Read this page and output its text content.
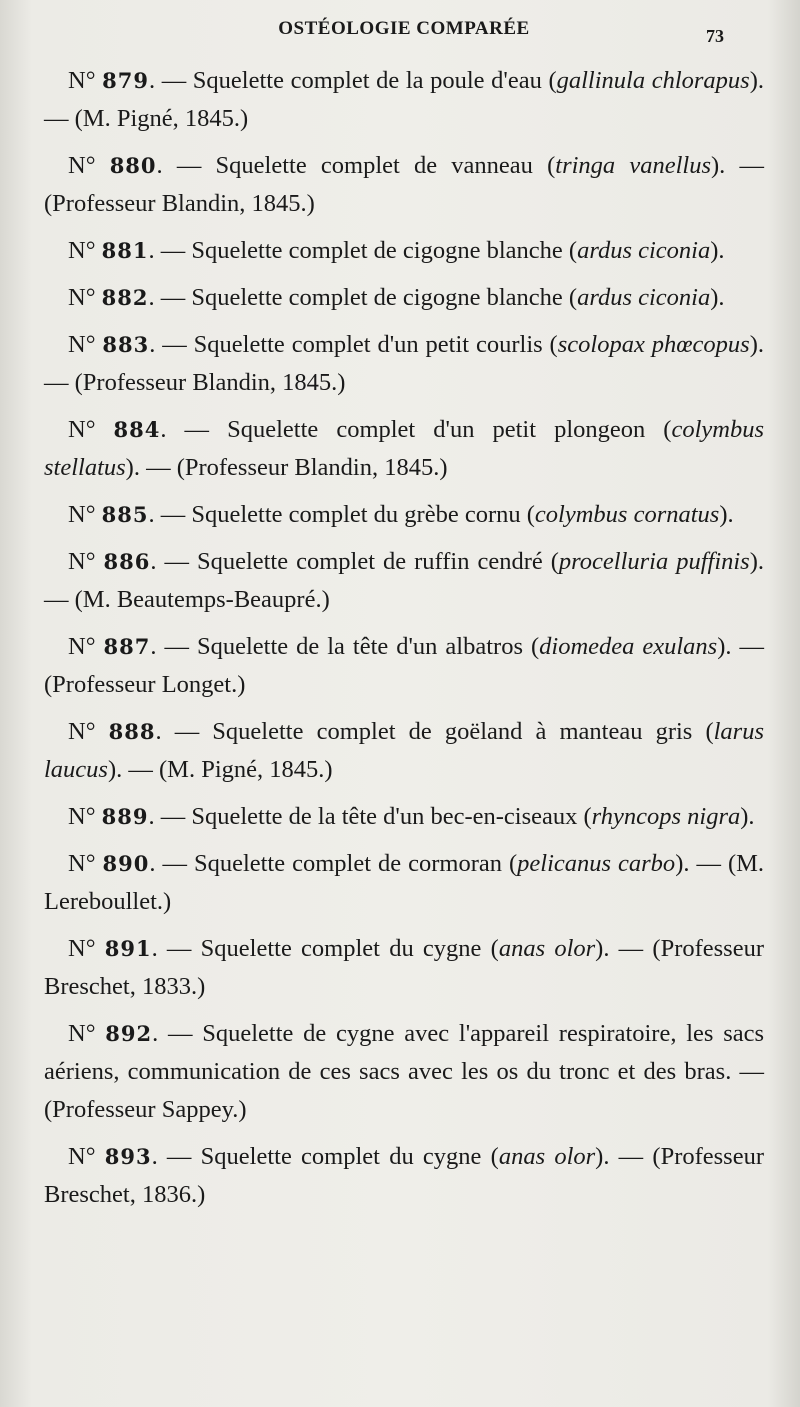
OSTÉOLOGIE COMPARÉE	73
N° 879. — Squelette complet de la poule d'eau (gallinula chlorapus). — (M. Pigné, 1845.)
N° 880. — Squelette complet de vanneau (tringa vanellus). — (Professeur Blandin, 1845.)
N° 881. — Squelette complet de cigogne blanche (ardus ciconia).
N° 882. — Squelette complet de cigogne blanche (ardus ciconia).
N° 883. — Squelette complet d'un petit courlis (scolopax phœcopus). — (Professeur Blandin, 1845.)
N° 884. — Squelette complet d'un petit plongeon (colymbus stellatus). — (Professeur Blandin, 1845.)
N° 885. — Squelette complet du grèbe cornu (colymbus cornatus).
N° 886. — Squelette complet de ruffin cendré (procelluria puffinis). — (M. Beautemps-Beaupré.)
N° 887. — Squelette de la tête d'un albatros (diomedea exulans). — (Professeur Longet.)
N° 888. — Squelette complet de goëland à manteau gris (larus laucus). — (M. Pigné, 1845.)
N° 889. — Squelette de la tête d'un bec-en-ciseaux (rhyncops nigra).
N° 890. — Squelette complet de cormoran (pelicanus carbo). — (M. Lereboullet.)
N° 891. — Squelette complet du cygne (anas olor). — (Professeur Breschet, 1833.)
N° 892. — Squelette de cygne avec l'appareil respiratoire, les sacs aériens, communication de ces sacs avec les os du tronc et des bras. — (Professeur Sappey.)
N° 893. — Squelette complet du cygne (anas olor). — (Professeur Breschet, 1836.)
